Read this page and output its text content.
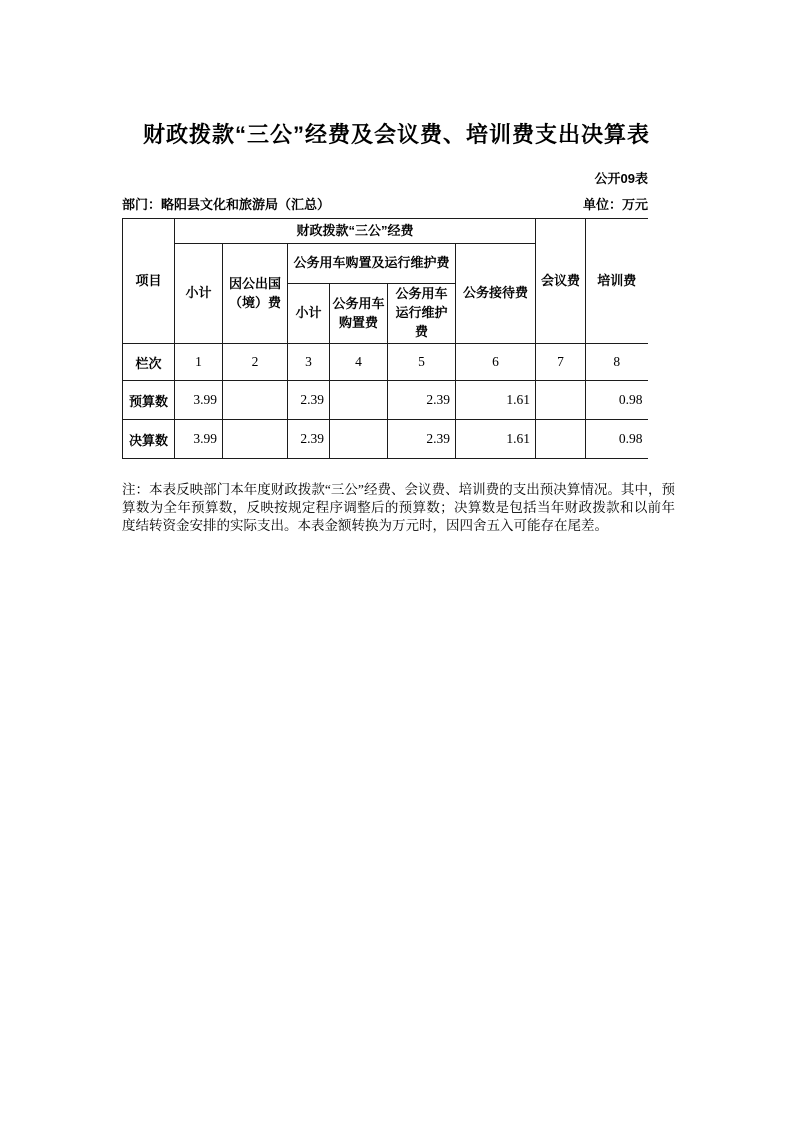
财政拨款“三公”经费及会议费、培训费支出决算表
公开09表
部门：略阳县文化和旅游局（汇总）	单位：万元
项目	财政拨款“三公”经费						会议费	培训费
	小计	因公出国（境）费	公务用车购置及运行维护费			公务接待费		
			小计	公务用车购置费	公务用车运行维护费			
栏次	1	2	3	4	5	6	7	8
预算数	3.99		2.39		2.39	1.61		0.98
决算数	3.99		2.39		2.39	1.61		0.98
注：本表反映部门本年度财政拨款“三公”经费、会议费、培训费的支出预决算情况。其中，预算数为全年预算数，反映按规定程序调整后的预算数；决算数是包括当年财政拨款和以前年度结转资金安排的实际支出。本表金额转换为万元时，因四舍五入可能存在尾差。
